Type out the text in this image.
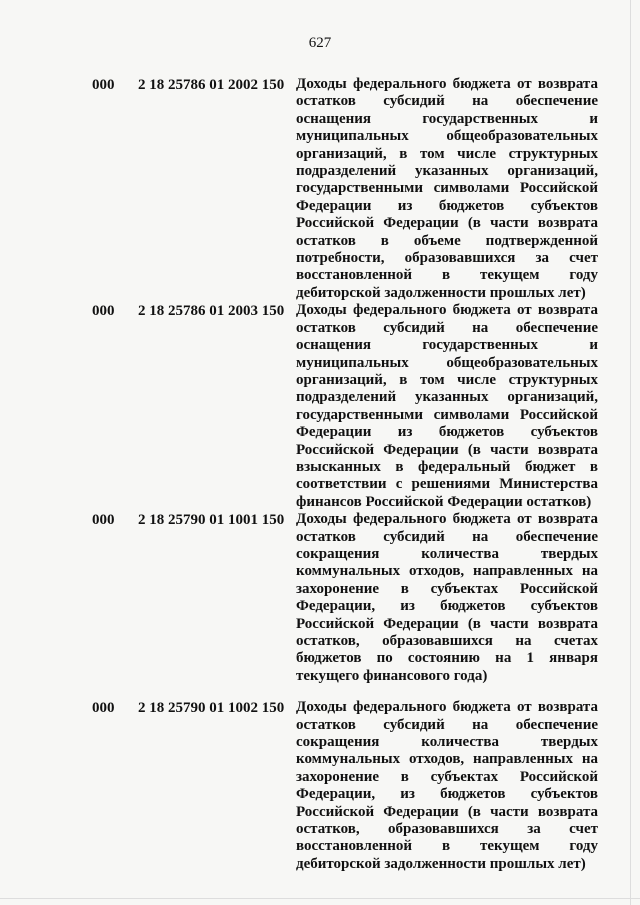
627
000 2 18 25786 01 2002 150 Доходы федерального бюджета от возврата остатков субсидий на обеспечение оснащения государственных и муниципальных общеобразовательных организаций, в том числе структурных подразделений указанных организаций, государственными символами Российской Федерации из бюджетов субъектов Российской Федерации (в части возврата остатков в объеме подтвержденной потребности, образовавшихся за счет восстановленной в текущем году дебиторской задолженности прошлых лет)
000 2 18 25786 01 2003 150 Доходы федерального бюджета от возврата остатков субсидий на обеспечение оснащения государственных и муниципальных общеобразовательных организаций, в том числе структурных подразделений указанных организаций, государственными символами Российской Федерации из бюджетов субъектов Российской Федерации (в части возврата взысканных в федеральный бюджет в соответствии с решениями Министерства финансов Российской Федерации остатков)
000 2 18 25790 01 1001 150 Доходы федерального бюджета от возврата остатков субсидий на обеспечение сокращения количества твердых коммунальных отходов, направленных на захоронение в субъектах Российской Федерации, из бюджетов субъектов Российской Федерации (в части возврата остатков, образовавшихся на счетах бюджетов по состоянию на 1 января текущего финансового года)
000 2 18 25790 01 1002 150 Доходы федерального бюджета от возврата остатков субсидий на обеспечение сокращения количества твердых коммунальных отходов, направленных на захоронение в субъектах Российской Федерации, из бюджетов субъектов Российской Федерации (в части возврата остатков, образовавшихся за счет восстановленной в текущем году дебиторской задолженности прошлых лет)
